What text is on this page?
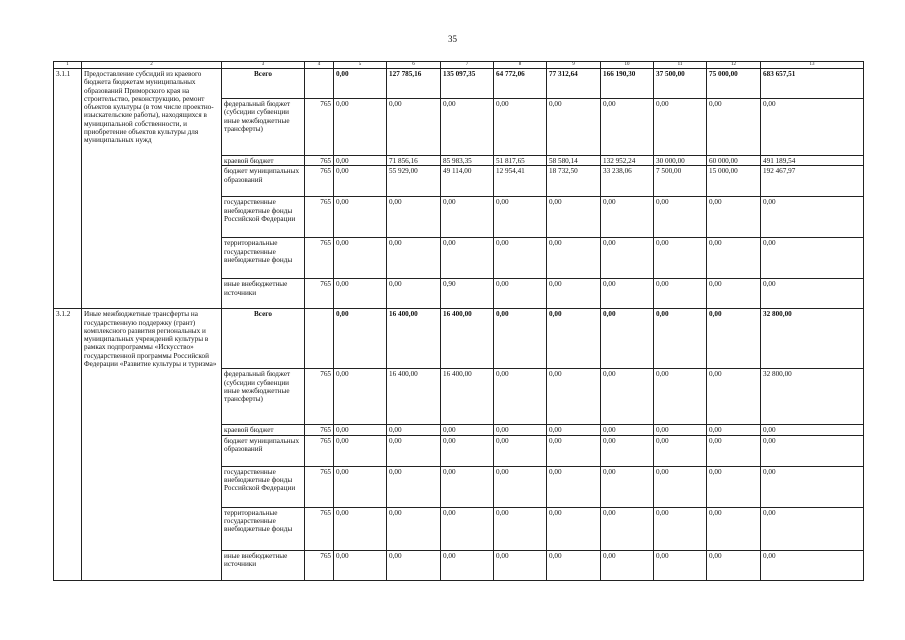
35
1	2	3	4	5	6	7	8	9	10	11	12	13
3.1.1	Предоставление субсидий из краевого бюджета бюджетам муниципальных образований Приморского края на строительство, реконструкцию, ремонт объектов культуры (в том числе проектно-изыскательские работы), находящихся в муниципальной собственности, и приобретение объектов культуры для муниципальных нужд	Всего		0,00	127 785,16	135 097,35	64 772,06	77 312,64	166 190,30	37 500,00	75 000,00	683 657,51
		федеральный бюджет (субсидии субвенции иные межбюджетные трансферты)	765	0,00	0,00	0,00	0,00	0,00	0,00	0,00	0,00	0,00
		краевой бюджет	765	0,00	71 856,16	85 983,35	51 817,65	58 580,14	132 952,24	30 000,00	60 000,00	491 189,54
		бюджет муниципальных образований	765	0,00	55 929,00	49 114,00	12 954,41	18 732,50	33 238,06	7 500,00	15 000,00	192 467,97
		государственные внебюджетные фонды Российской Федерации	765	0,00	0,00	0,00	0,00	0,00	0,00	0,00	0,00	0,00
		территориальные государственные внебюджетные фонды	765	0,00	0,00	0,00	0,00	0,00	0,00	0,00	0,00	0,00
		иные внебюджетные источники	765	0,00	0,00	0,90	0,00	0,00	0,00	0,00	0,00	0,00
3.1.2	Иные межбюджетные трансферты на государственную поддержку (грант) комплексного развития региональных и муниципальных учреждений культуры в рамках подпрограммы «Искусство» государственной программы Российской Федерации «Развитие культуры и туризма»	Всего		0,00	16 400,00	16 400,00	0,00	0,00	0,00	0,00	0,00	32 800,00
		федеральный бюджет (субсидии субвенции иные межбюджетные трансферты)	765	0,00	16 400,00	16 400,00	0,00	0,00	0,00	0,00	0,00	32 800,00
		краевой бюджет	765	0,00	0,00	0,00	0,00	0,00	0,00	0,00	0,00	0,00
		бюджет муниципальных образований	765	0,00	0,00	0,00	0,00	0,00	0,00	0,00	0,00	0,00
		государственные внебюджетные фонды Российской Федерации	765	0,00	0,00	0,00	0,00	0,00	0,00	0,00	0,00	0,00
		территориальные государственные внебюджетные фонды	765	0,00	0,00	0,00	0,00	0,00	0,00	0,00	0,00	0,00
		иные внебюджетные источники	765	0,00	0,00	0,00	0,00	0,00	0,00	0,00	0,00	0,00
